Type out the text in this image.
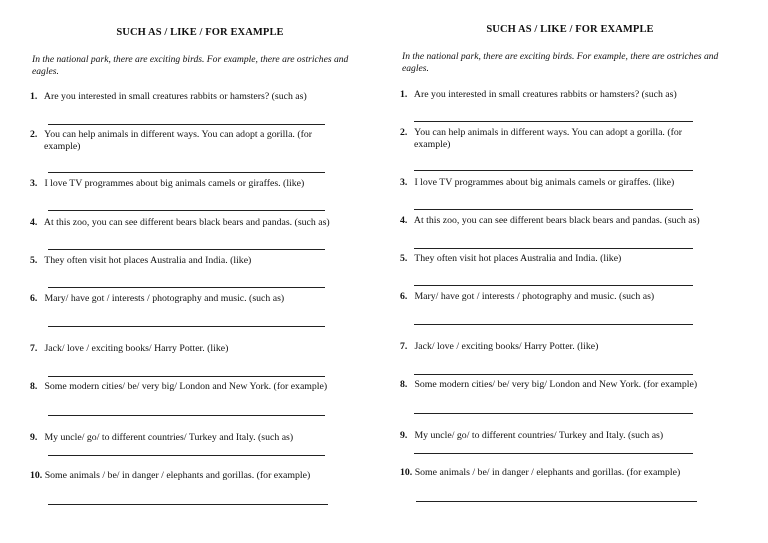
SUCH AS / LIKE / FOR EXAMPLE
In the national park, there are exciting birds. For example, there are ostriches and eagles.
1. Are you interested in small creatures rabbits or hamsters? (such as)
2. You can help animals in different ways. You can adopt a gorilla. (for
example)
3. I love TV programmes about big animals camels or giraffes. (like)
4. At this zoo, you can see different bears black bears and pandas. (such as)
5. They often visit hot places Australia and India. (like)
6. Mary/ have got / interests / photography and music. (such as)
7. Jack/ love / exciting books/ Harry Potter. (like)
8. Some modern cities/ be/ very big/ London and New York. (for example)
9. My uncle/ go/ to different countries/ Turkey and Italy. (such as)
10. Some animals / be/ in danger / elephants and gorillas. (for example)
SUCH AS / LIKE / FOR EXAMPLE
In the national park, there are exciting birds. For example, there are ostriches and eagles.
1. Are you interested in small creatures rabbits or hamsters? (such as)
2. You can help animals in different ways. You can adopt a gorilla. (for
example)
3. I love TV programmes about big animals camels or giraffes. (like)
4. At this zoo, you can see different bears black bears and pandas. (such as)
5. They often visit hot places Australia and India. (like)
6. Mary/ have got / interests / photography and music. (such as)
7. Jack/ love / exciting books/ Harry Potter. (like)
8. Some modern cities/ be/ very big/ London and New York. (for example)
9. My uncle/ go/ to different countries/ Turkey and Italy. (such as)
10. Some animals / be/ in danger / elephants and gorillas. (for example)
